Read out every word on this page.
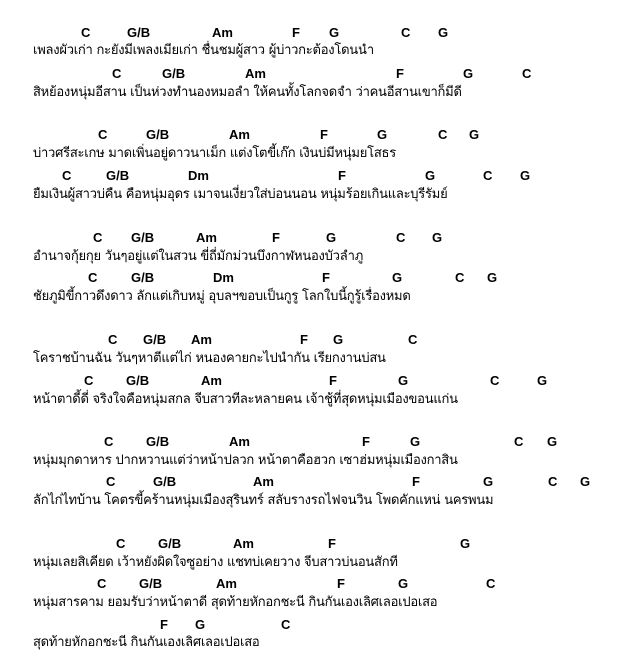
C	G/B	Am	F G	C G
เพลงผัวเก่า กะยังมีเพลงเมียเก่า ชื่นชมผู้สาว ผู้บ่าวกะต้องโดนนำ
C	G/B	Am	F	G	C
สิหย้องหนุ่มอีสาน เป็นห่วงทำนองหมอลำ ให้คนทั้งโลกจดจำ ว่าคนอีสานเขาก็มีดี
C	G/B	Am	F	G	C G
บ่าวศรีสะเกษ มาดเพิ่นอยู่ดาวนาเม็ก แต่งโตขี้เก๊ก เงินบ่มีหนุ่มยโสธร
C	G/B	Dm	F	G	C G
ยืมเงินผู้สาวบ่คืน คือหนุ่มอุดร เมาจนเงี่ยวใส่บ่อนนอน หนุ่มร้อยเกินและบุรีรัมย์
C G/B	Am	F	G	C G
อำนาจกุ้ยกุย วันๆอยู่แต่ในสวน ขี่ถี่มักม่วนบึงกาฬหนองบัวลำภู
C	G/B	Dm	F	G	C G
ชัยภูมิขี้กาวดึงดาว ลักแต่เกิบหมู่ อุบลฯขอบเป็นกูรู โลกใบนี้กูรู้เรื่องหมด
C G/B Am	F G	C
โคราชบ้านฉัน วันๆหาตีแต่ไก่ หนองคายกะไปนำกัน เรียกงานบ่สน
C	G/B	Am	F	G	C	G
หน้าตาดี้ดี่ จริงใจคือหนุ่มสกล จีบสาวทีละหลายคน เจ้าชู้ที่สุดหนุ่มเมืองขอนแก่น
C	G/B	Am	F	G	C G
หนุ่มมุกดาหาร ปากหวานแต่ว่าหน้าปลวก หน้าตาคือฮวก เซาฮ่มหนุ่มเมืองกาสิน
C	G/B	Am	F	G	C G
ลักไก่ไทบ้าน โคตรขี้คร้านหนุ่มเมืองสุรินทร์ สลับรางรถไฟจนวิน โพดคักแหน่ นครพนม
C	G/B	Am	F	G
หนุ่มเลยสิเคียด เว้าหยังผิดใจซูอย่าง แชทบ่เคยวาง จีบสาวบ่นอนสักที
C	G/B	Am	F	G	C
หนุ่มสารคาม ยอมรับว่าหน้าตาดี สุดท้ายหักอกชะนี กินกันเองเลิศเลอเปอเสอ
F G	C
สุดท้ายหักอกชะนี กินกันเองเลิศเลอเปอเสอ
